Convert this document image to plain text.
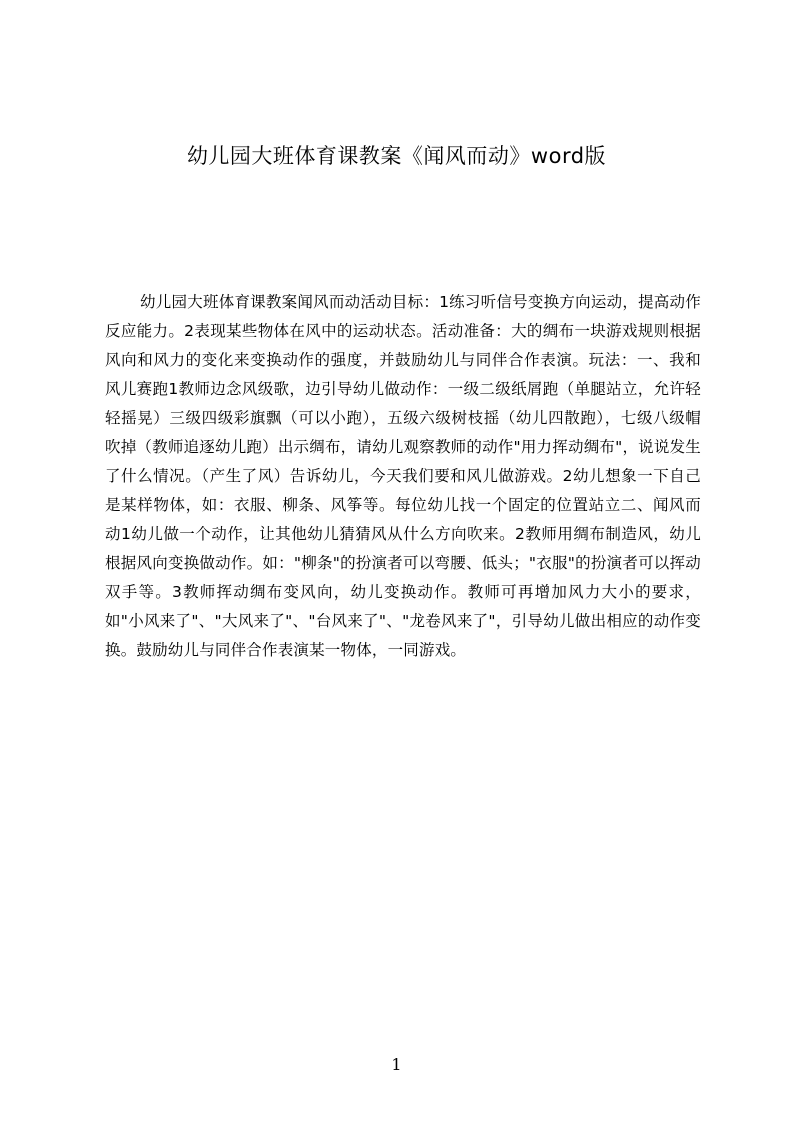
幼儿园大班体育课教案《闻风而动》word版
幼儿园大班体育课教案闻风而动活动目标：1练习听信号变换方向运动，提高动作反应能力。2表现某些物体在风中的运动状态。活动准备：大的绸布一块游戏规则根据风向和风力的变化来变换动作的强度，并鼓励幼儿与同伴合作表演。玩法：一、我和风儿赛跑1教师边念风级歌，边引导幼儿做动作：一级二级纸屑跑（单腿站立，允许轻轻摇晃）三级四级彩旗飘（可以小跑），五级六级树枝摇（幼儿四散跑），七级八级帽吹掉（教师追逐幼儿跑）出示绸布，请幼儿观察教师的动作"用力挥动绸布"，说说发生了什么情况。（产生了风）告诉幼儿，今天我们要和风儿做游戏。2幼儿想象一下自己是某样物体，如：衣服、柳条、风筝等。每位幼儿找一个固定的位置站立二、闻风而动1幼儿做一个动作，让其他幼儿猜猜风从什么方向吹来。2教师用绸布制造风，幼儿根据风向变换做动作。如："柳条"的扮演者可以弯腰、低头；"衣服"的扮演者可以挥动双手等。3教师挥动绸布变风向，幼儿变换动作。教师可再增加风力大小的要求，如"小风来了"、"大风来了"、"台风来了"、"龙卷风来了"，引导幼儿做出相应的动作变换。鼓励幼儿与同伴合作表演某一物体，一同游戏。
1
